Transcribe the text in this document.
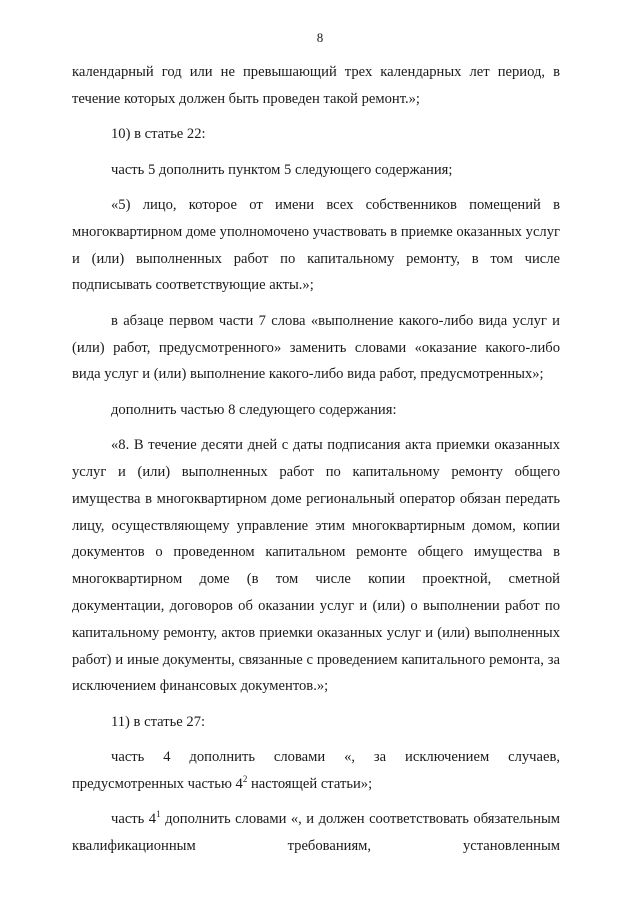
8

календарный год или не превышающий трех календарных лет период, в течение которых должен быть проведен такой ремонт.»;

10) в статье 22:

часть 5 дополнить пунктом 5 следующего содержания;

«5) лицо, которое от имени всех собственников помещений в многоквартирном доме уполномочено участвовать в приемке оказанных услуг и (или) выполненных работ по капитальному ремонту, в том числе подписывать соответствующие акты.»;

в абзаце первом части 7 слова «выполнение какого-либо вида услуг и (или) работ, предусмотренного» заменить словами «оказание какого-либо вида услуг и (или) выполнение какого-либо вида работ, предусмотренных»;

дополнить частью 8 следующего содержания:

«8. В течение десяти дней с даты подписания акта приемки оказанных услуг и (или) выполненных работ по капитальному ремонту общего имущества в многоквартирном доме региональный оператор обязан передать лицу, осуществляющему управление этим многоквартирным домом, копии документов о проведенном капитальном ремонте общего имущества в многоквартирном доме (в том числе копии проектной, сметной документации, договоров об оказании услуг и (или) о выполнении работ по капитальному ремонту, актов приемки оказанных услуг и (или) выполненных работ) и иные документы, связанные с проведением капитального ремонта, за исключением финансовых документов.»;

11) в статье 27:

часть 4 дополнить словами «, за исключением случаев, предусмотренных частью $4^2$ настоящей статьи»;

часть $4^1$ дополнить словами «, и должен соответствовать обязательным квалификационным требованиям, установленным
